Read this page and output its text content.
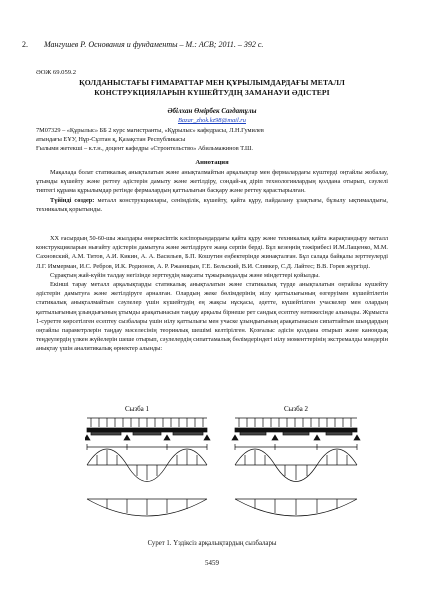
2. Мангушев Р. Основания и фундаменты – М.: АСВ; 2011. – 392 с.
ӘОЖ 69.059.2
ҚОЛДАНЫСТАҒЫ ҒИМАРАТТАР МЕН ҚҰРЫЛЫМДАРДАҒЫ МЕТАЛЛ
КОНСТРУКЦИЯЛАРЫН КҮШЕЙТУДІҢ ЗАМАНАУИ ӘДІСТЕРІ
Әбілхан Өмірбек Сағдатұлы
Bazar_zhok.kz98@mail.ru
7М07329 – «Құрылыс» ББ 2 курс магистранты, «Құрылыс» кафедрасы, Л.Н.Гумилев
атындағы ЕҰУ, Нұр-Сұлтан қ, Қазақстан Республикасы
Ғылыми жетекші – к.т.н., доцент кафедры «Строительство» Абильмажинов Т.Ш.
Аннотация

Мақалада болат статикалық анықталатын және анықталмайтын арқалықтар мен фермалардағы күштерді оңтайлы жобалау, ұтымды күшейту және реттеу әдістерін дамыту және жетілдіру, сондай-ақ діріп технологиялардың қолдана отырып, сәулелі типтегі құрама құрылымдар ретінде фермалардың қаттылығын басқару және реттеу қарастырылған.

Түйінді сөздер: металл конструкциялары, сенімділік, күшейту, қайта құру, пайдалану ұзақтығы, бұзылу ықтималдығы, техникалық қорытынды.

XX ғасырдың 50-60-шы жылдары өнеркәсіптік кәсіпорындардағы қайта құру және техникалық қайта жарақтандыру металл конструкцияларын нығайту әдістерін дамытуға және жетілдіруге жаңа серпін берді. Бұл кезеңнің тәжірибесі И.М.Лащенко, М.М. Сахновский, А.М. Титов, А.И. Кикин, А. А. Васильев, Б.П. Кошутин еңбектерінде жинақталған. Бұл салада байқалы зерттеулерді Л.Г. Иммерман, И.С. Ребров, И.К. Родионов, А. Р. Ржаницын, Г.Е. Бельский, В.И. Сливкер, С.Д. Лайтес; В.В. Горев жүргізді.

Сұрақтың жай-күйін талдау негізінде зерттеудің мақсаты тұжырымдалды және міндеттері қойылды.

Екінші тарау металл арқалықтарды статикалық анықталатын және статикалық түрде анықталатын оңтайлы күшейту әдістерін дамытуға және жетілдіруге арналған. Олардың жеке бөлімдерінің иілу қаттылығының өзгеруімен күшейтілетін статикалық анықталмайтын сәулелер үшін күшейтудің ең жақсы нұсқасы, әдетте, күшейтілген учаскелер мен олардың қаттылығының ұзындығының ұтымды арақатынасын таңдау арқылы бірнеше рет сандық есептеу нәтижесінде алынады. Жұмыста 1-суретте көрсетілген есептеу сызбалары үшін иілу қаттылығы мен учаске ұзындығының арақатынасын сипаттайтын шыңдардың оңтайлы параметрлерін таңдау мәселесінің теориялық шешімі келтірілген. Қозғалыс әдісін қолдана отырып және канондық теңдеулердің үлкен жүйелерін шеше отырып, сәулелердің сипаттамалық бөлімдеріндегі иілу моменттерінің экстремалды мәндерін анықтау үшін аналитикалық өрнектер алынды:

Сызба 1	Сызба 2
Сурет 1. Үздіксіз арқалықтардың сызбалары
5459
